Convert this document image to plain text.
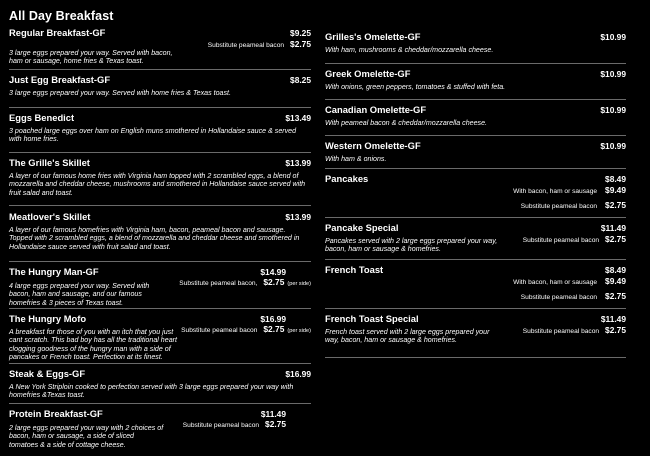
All Day Breakfast
Regular Breakfast-GF	$9.25
Substitute peameal bacon $2.75
3 large eggs prepared your way. Served with bacon, ham or sausage, home fries & Texas toast.
Just Egg Breakfast-GF	$8.25
3 large eggs prepared your way. Served with home fries & Texas toast.
Eggs Benedict	$13.49
3 poached large eggs over ham on English muns smothered in Hollandaise sauce & served with home fries.
The Grille's Skillet	$13.99
A layer of our famous home fries with Virginia ham topped with 2 scrambled eggs, a blend of mozzarella and cheddar cheese, mushrooms and smothered in Hollandaise sauce served with fruit salad and toast.
Meatlover's Skillet	$13.99
A layer of our famous homefries with Virginia ham, bacon, peameal bacon and sausage. Topped with 2 scrambled eggs, a blend of mozzarella and cheddar cheese and smothered in Hollandaise sauce served with fruit salad and toast.
The Hungry Man-GF	$14.99
Substitute peameal bacon, $2.75 (per side)
4 large eggs prepared your way. Served with bacon, ham and sausage, and our famous homefries & 3 pieces of Texas toast.
The Hungry Mofo	$16.99
Substitute peameal bacon $2.75 (per side)
A breakfast for those of you with an itch that you just cant scratch. This bad boy has all the traditional heart clogging goodness of the hungry man with a side of pancakes or French toast. Perfection at its finest.
Steak & Eggs-GF	$16.99
A New York Striploin cooked to perfection served with 3 large eggs prepared your way with homefries &Texas toast.
Protein Breakfast-GF	$11.49
Substitute peameal bacon $2.75
2 large eggs prepared your way with 2 choices of bacon, ham or sausage, a side of sliced tomatoes & a side of cottage cheese.
Grilles's Omelette-GF	$10.99
With ham, mushrooms & cheddar/mozzarella cheese.
Greek Omelette-GF	$10.99
With onions, green peppers, tomatoes & stuffed with feta.
Canadian Omelette-GF	$10.99
With peameal bacon & cheddar/mozzarella cheese.
Western Omelette-GF	$10.99
With ham & onions.
Pancakes	$8.49
With bacon, ham or sausage $9.49
Substitute peameal bacon $2.75
Pancake Special	$11.49
Substitute peameal bacon $2.75
Pancakes served with 2 large eggs prepared your way, bacon, ham or sausage & homefries.
French Toast	$8.49
With bacon, ham or sausage $9.49
Substitute peameal bacon $2.75
French Toast Special	$11.49
Substitute peameal bacon $2.75
French toast served with 2 large eggs prepared your way, bacon, ham or sausage & homefries.
